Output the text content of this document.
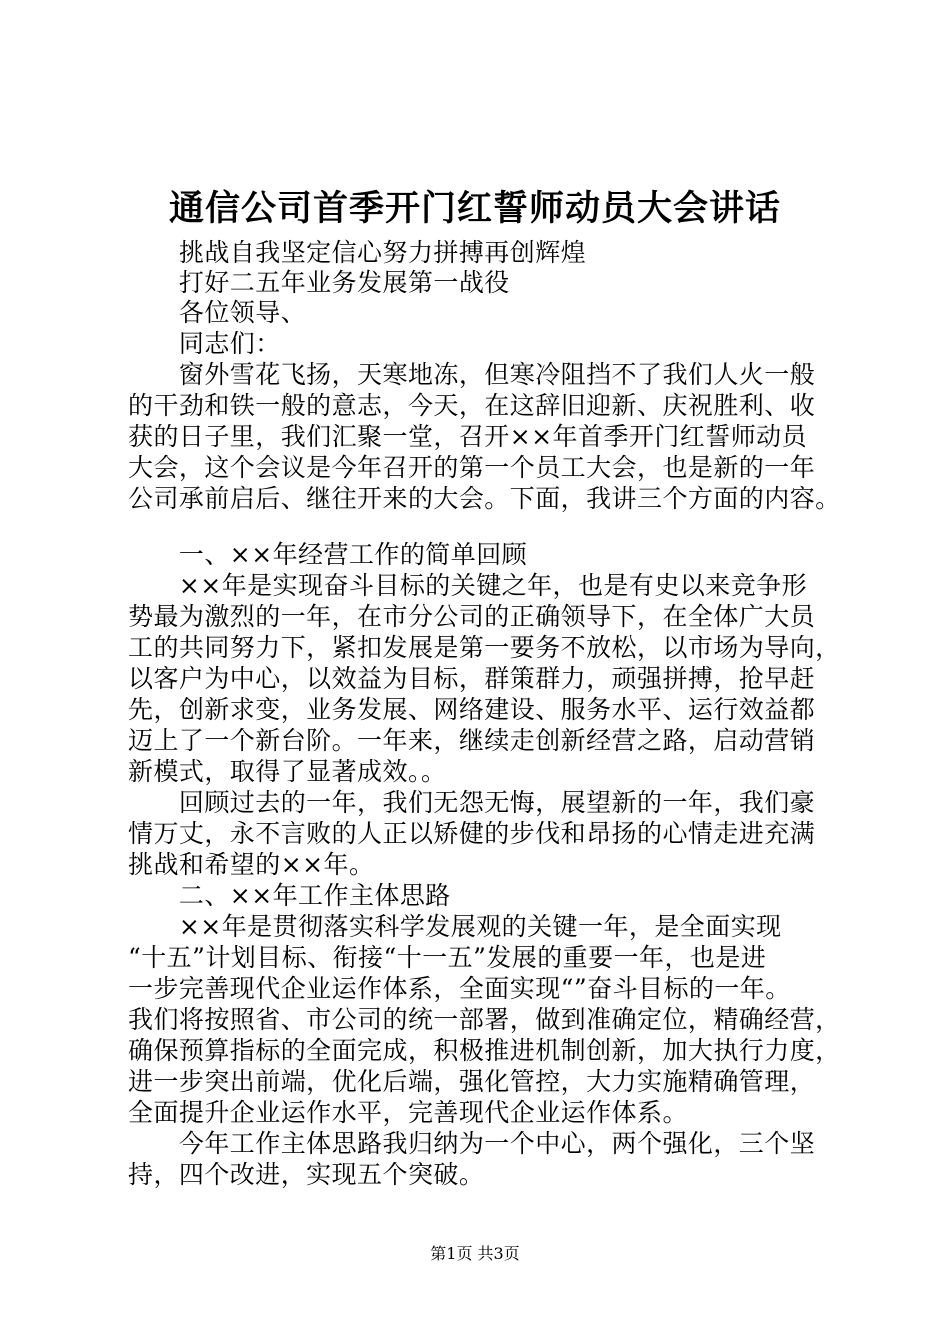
通信公司首季开门红誓师动员大会讲话
　　挑战自我坚定信心努力拼搏再创辉煌
　　打好二五年业务发展第一战役
　　各位领导、
　　同志们：
　　窗外雪花飞扬，天寒地冻，但寒冷阻挡不了我们人火一般
的干劲和铁一般的意志，今天，在这辞旧迎新、庆祝胜利、收
获的日子里，我们汇聚一堂，召开××年首季开门红誓师动员
大会，这个会议是今年召开的第一个员工大会，也是新的一年
公司承前启后、继往开来的大会。下面，我讲三个方面的内容。
　　一、××年经营工作的简单回顾
　　××年是实现奋斗目标的关键之年，也是有史以来竞争形
势最为激烈的一年，在市分公司的正确领导下，在全体广大员
工的共同努力下，紧扣发展是第一要务不放松，以市场为导向，
以客户为中心，以效益为目标，群策群力，顽强拼搏，抢早赶
先，创新求变，业务发展、网络建设、服务水平、运行效益都
迈上了一个新台阶。一年来，继续走创新经营之路，启动营销
新模式，取得了显著成效。。
　　回顾过去的一年，我们无怨无悔，展望新的一年，我们豪
情万丈，永不言败的人正以矫健的步伐和昂扬的心情走进充满
挑战和希望的××年。
　　二、××年工作主体思路
　　××年是贯彻落实科学发展观的关键一年，是全面实现
“十五”计划目标、衔接“十一五”发展的重要一年，也是进
一步完善现代企业运作体系，全面实现“”奋斗目标的一年。
我们将按照省、市公司的统一部署，做到准确定位，精确经营，
确保预算指标的全面完成，积极推进机制创新，加大执行力度，
进一步突出前端，优化后端，强化管控，大力实施精确管理，
全面提升企业运作水平，完善现代企业运作体系。
　　今年工作主体思路我归纳为一个中心，两个强化，三个坚
持，四个改进，实现五个突破。
第1页 共3页
